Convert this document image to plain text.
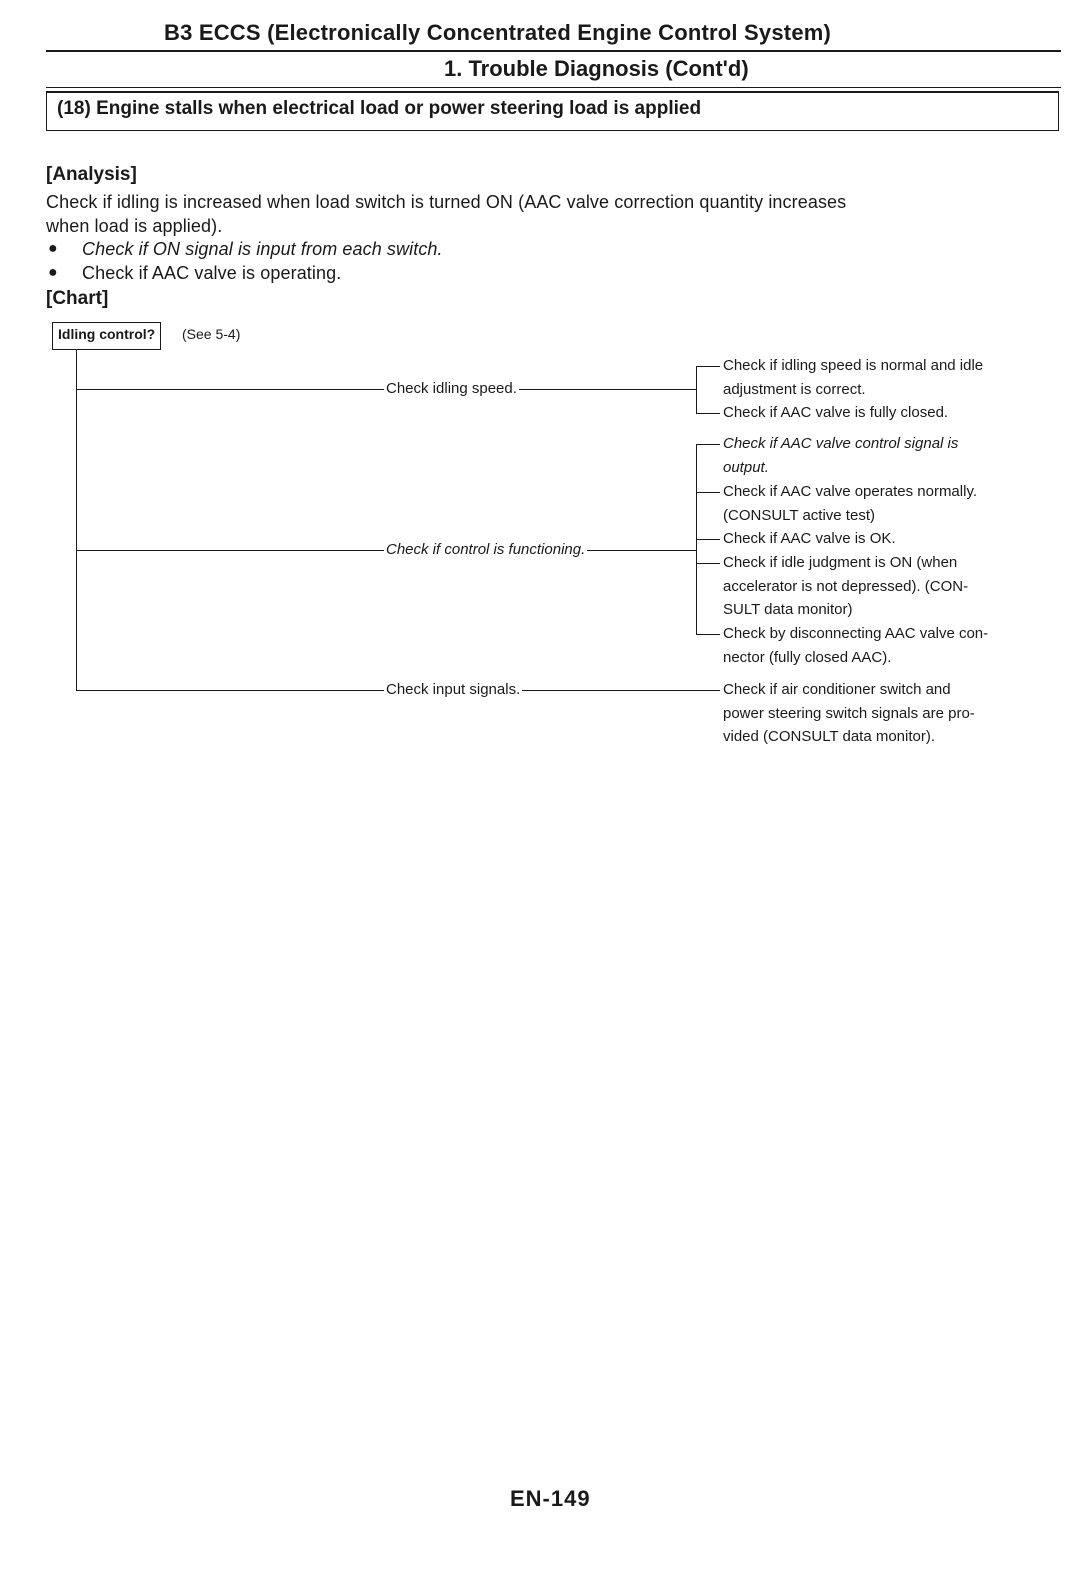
B3 ECCS (Electronically Concentrated Engine Control System)
1. Trouble Diagnosis (Cont'd)
(18) Engine stalls when electrical load or power steering load is applied
[Analysis]
Check if idling is increased when load switch is turned ON (AAC valve correction quantity increases
when load is applied).
● Check if ON signal is input from each switch.
● Check if AAC valve is operating.
[Chart]
Idling control?	(See 5-4)
Check idling speed.
Check if idling speed is normal and idle
adjustment is correct.
Check if AAC valve is fully closed.
Check if control is functioning.
Check if AAC valve control signal is
output.
Check if AAC valve operates normally.
(CONSULT active test)
Check if AAC valve is OK.
Check if idle judgment is ON (when
accelerator is not depressed). (CON-
SULT data monitor)
Check by disconnecting AAC valve con-
nector (fully closed AAC).
Check input signals.	Check if air conditioner switch and
power steering switch signals are pro-
vided (CONSULT data monitor).
EN-149
